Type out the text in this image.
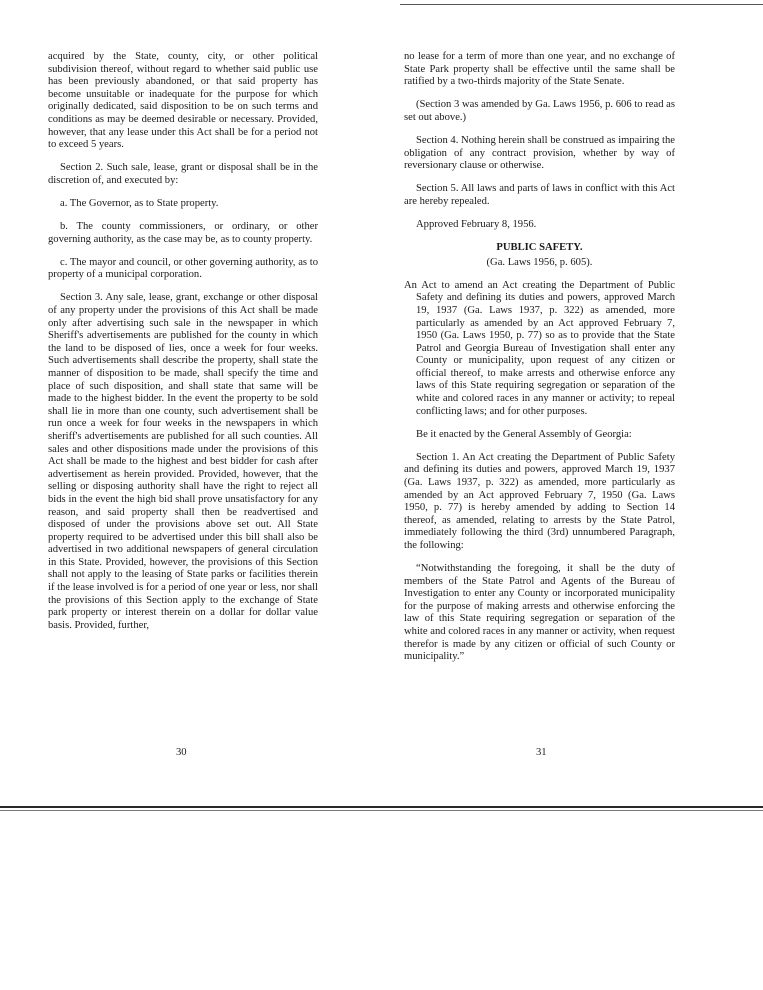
acquired by the State, county, city, or other political subdivision thereof, without regard to whether said public use has been previously abandoned, or that said property has become unsuitable or inadequate for the purpose for which originally dedicated, said disposition to be on such terms and conditions as may be deemed desirable or necessary. Provided, however, that any lease under this Act shall be for a period not to exceed 5 years.

Section 2. Such sale, lease, grant or disposal shall be in the discretion of, and executed by:

a. The Governor, as to State property.

b. The county commissioners, or ordinary, or other governing authority, as the case may be, as to county property.

c. The mayor and council, or other governing authority, as to property of a municipal corporation.

Section 3. Any sale, lease, grant, exchange or other disposal of any property under the provisions of this Act shall be made only after advertising such sale in the newspaper in which Sheriff's advertisements are published for the county in which the land to be disposed of lies, once a week for four weeks. Such advertisements shall describe the property, shall state the manner of disposition to be made, shall specify the time and place of such disposition, and shall state that same will be made to the highest bidder. In the event the property to be sold shall lie in more than one county, such advertisement shall be run once a week for four weeks in the newspapers in which sheriff's advertisements are published for all such counties. All sales and other dispositions made under the provisions of this Act shall be made to the highest and best bidder for cash after advertisement as herein provided. Provided, however, that the selling or disposing authority shall have the right to reject all bids in the event the high bid shall prove unsatisfactory for any reason, and said property shall then be readvertised and disposed of under the provisions above set out. All State property required to be advertised under this bill shall also be advertised in two additional newspapers of general circulation in this State. Provided, however, the provisions of this Section shall not apply to the leasing of State parks or facilities therein if the lease involved is for a period of one year or less, nor shall the provisions of this Section apply to the exchange of State park property or interest therein on a dollar for dollar value basis. Provided, further,

30

no lease for a term of more than one year, and no exchange of State Park property shall be effective until the same shall be ratified by a two-thirds majority of the State Senate.

(Section 3 was amended by Ga. Laws 1956, p. 606 to read as set out above.)

Section 4. Nothing herein shall be construed as impairing the obligation of any contract provision, whether by way of reversionary clause or otherwise.

Section 5. All laws and parts of laws in conflict with this Act are hereby repealed.

Approved February 8, 1956.

PUBLIC SAFETY.

(Ga. Laws 1956, p. 605).

An Act to amend an Act creating the Department of Public Safety and defining its duties and powers, approved March 19, 1937 (Ga. Laws 1937, p. 322) as amended, more particularly as amended by an Act approved February 7, 1950 (Ga. Laws 1950, p. 77) so as to provide that the State Patrol and Georgia Bureau of Investigation shall enter any County or municipality, upon request of any citizen or official thereof, to make arrests and otherwise enforce any laws of this State requiring segregation or separation of the white and colored races in any manner or activity; to repeal conflicting laws; and for other purposes.

Be it enacted by the General Assembly of Georgia:

Section 1. An Act creating the Department of Public Safety and defining its duties and powers, approved March 19, 1937 (Ga. Laws 1937, p. 322) as amended, more particularly as amended by an Act approved February 7, 1950 (Ga. Laws 1950, p. 77) is hereby amended by adding to Section 14 thereof, as amended, relating to arrests by the State Patrol, immediately following the third (3rd) unnumbered Paragraph, the following:

“Notwithstanding the foregoing, it shall be the duty of members of the State Patrol and Agents of the Bureau of Investigation to enter any County or incorporated municipality for the purpose of making arrests and otherwise enforcing the law of this State requiring segregation or separation of the white and colored races in any manner or activity, when request therefor is made by any citizen or official of such County or municipality.”

31
